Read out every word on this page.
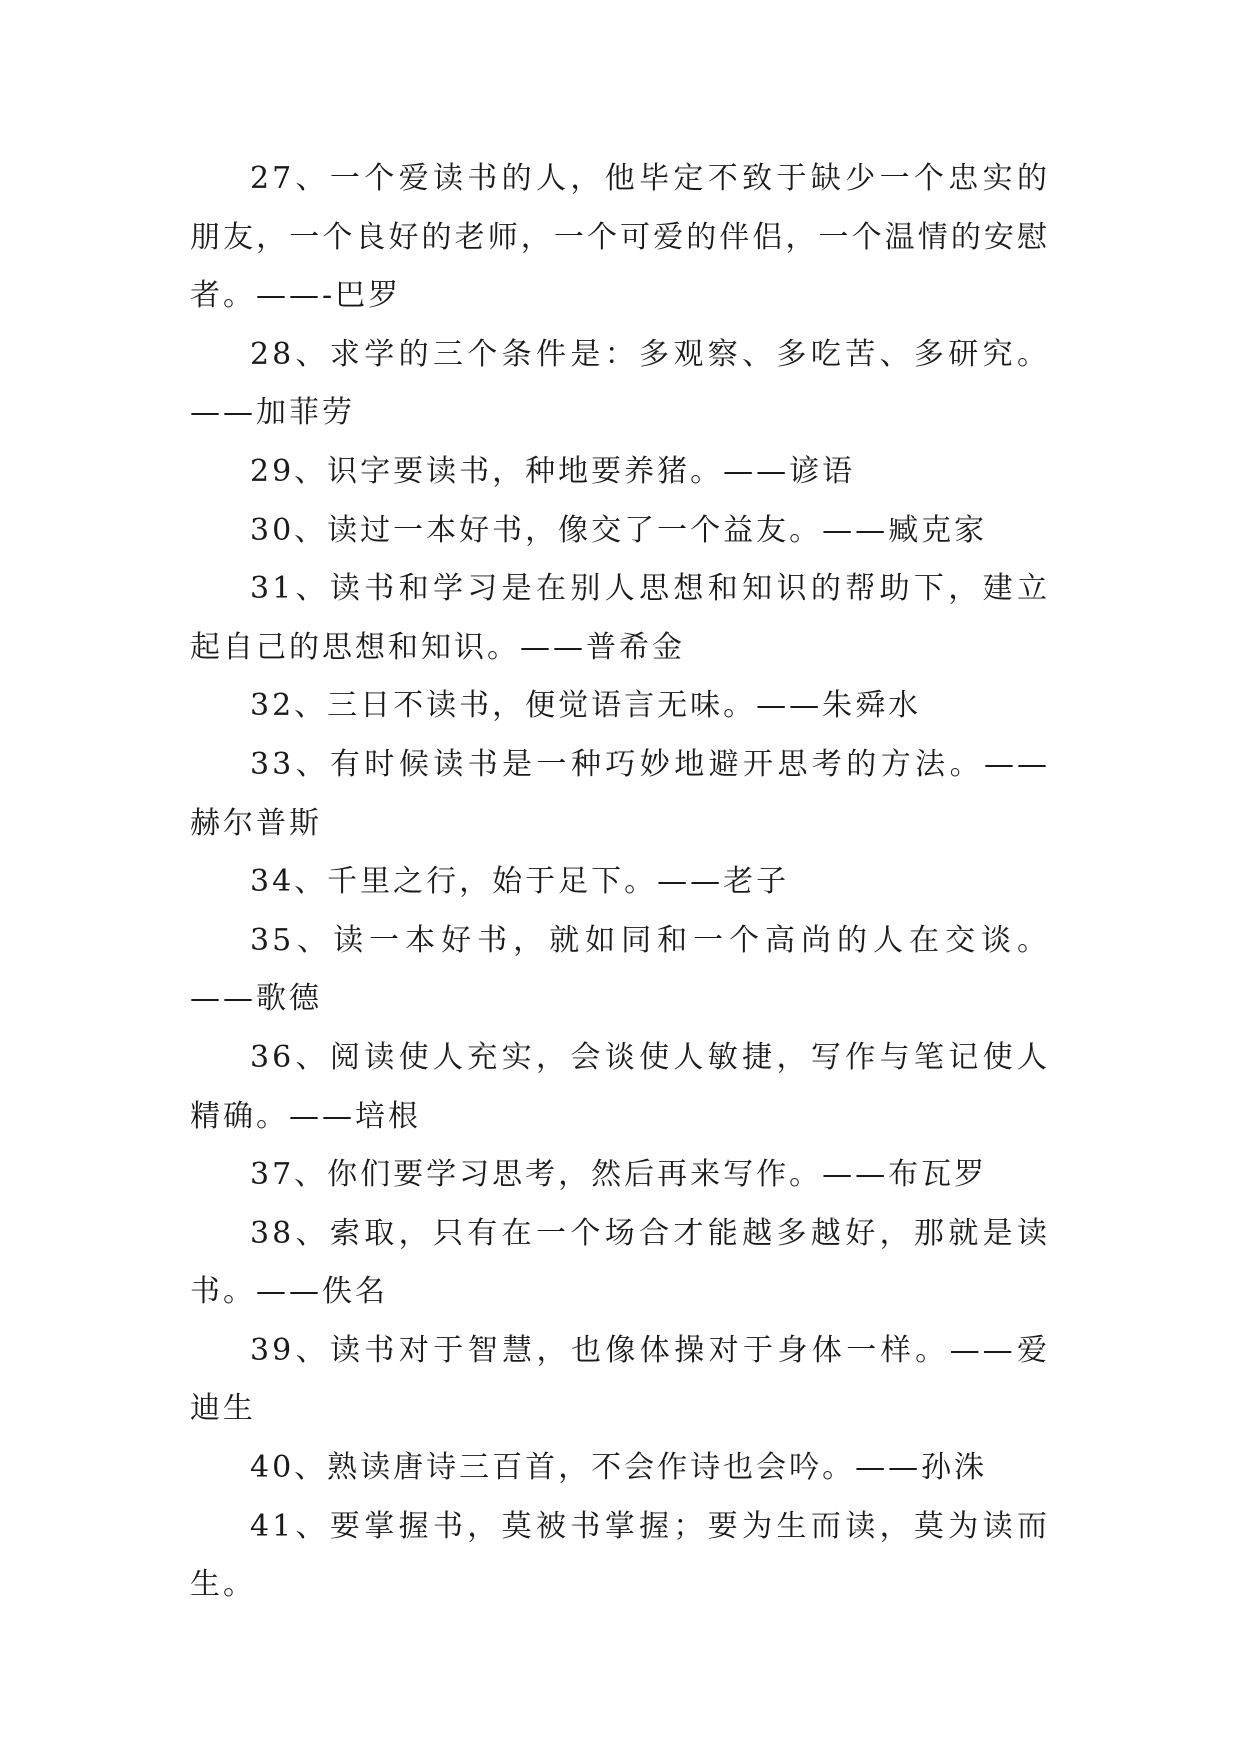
27、一个爱读书的人，他毕定不致于缺少一个忠实的朋友，一个良好的老师，一个可爱的伴侣，一个温情的安慰者。——-巴罗

28、求学的三个条件是：多观察、多吃苦、多研究。——加菲劳

29、识字要读书，种地要养猪。——谚语

30、读过一本好书，像交了一个益友。——臧克家

31、读书和学习是在别人思想和知识的帮助下，建立起自己的思想和知识。——普希金

32、三日不读书，便觉语言无味。——朱舜水

33、有时候读书是一种巧妙地避开思考的方法。——赫尔普斯

34、千里之行，始于足下。——老子

35、读一本好书，就如同和一个高尚的人在交谈。——歌德

36、阅读使人充实，会谈使人敏捷，写作与笔记使人精确。——培根

37、你们要学习思考，然后再来写作。——布瓦罗

38、索取，只有在一个场合才能越多越好，那就是读书。——佚名

39、读书对于智慧，也像体操对于身体一样。——爱迪生

40、熟读唐诗三百首，不会作诗也会吟。——孙洙

41、要掌握书，莫被书掌握；要为生而读，莫为读而生。
